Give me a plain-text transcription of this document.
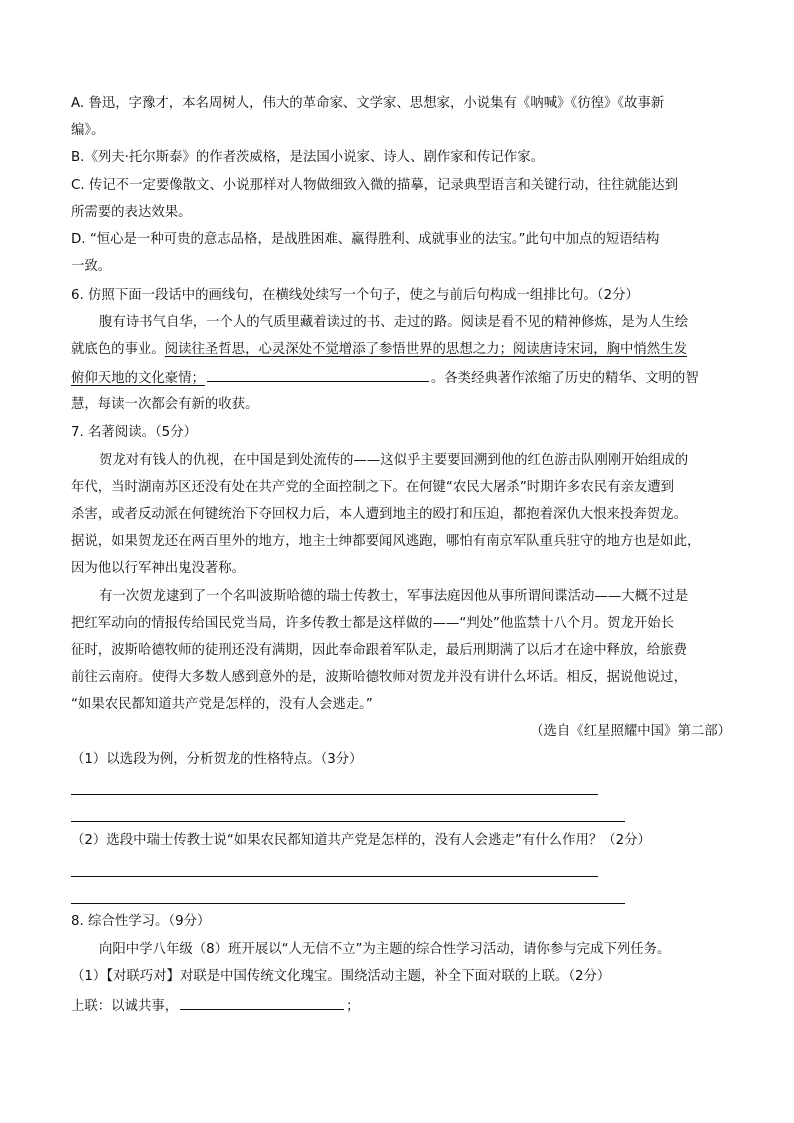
A. 鲁迅，字豫才，本名周树人，伟大的革命家、文学家、思想家，小说集有《呐喊》《彷徨》《故事新
编》。
B.《列夫·托尔斯泰》的作者茨威格，是法国小说家、诗人、剧作家和传记作家。
C. 传记不一定要像散文、小说那样对人物做细致入微的描摹，记录典型语言和关键行动，往往就能达到
所需要的表达效果。
D. “恒心是一种可贵的意志品格，是战胜困难、赢得胜利、成就事业的法宝。”此句中加点的短语结构
一致。
6. 仿照下面一段话中的画线句，在横线处续写一个句子，使之与前后句构成一组排比句。（2分）
腹有诗书气自华，一个人的气质里藏着读过的书、走过的路。阅读是看不见的精神修炼，是为人生绘
就底色的事业。阅读往圣哲思，心灵深处不觉增添了参悟世界的思想之力；阅读唐诗宋词，胸中悄然生发
俯仰天地的文化豪情；	。各类经典著作浓缩了历史的精华、文明的智
慧，每读一次都会有新的收获。
7. 名著阅读。（5分）
贺龙对有钱人的仇视，在中国是到处流传的——这似乎主要要回溯到他的红色游击队刚刚开始组成的
年代，当时湖南苏区还没有处在共产党的全面控制之下。在何键“农民大屠杀”时期许多农民有亲友遭到
杀害，或者反动派在何键统治下夺回权力后，本人遭到地主的殴打和压迫，都抱着深仇大恨来投奔贺龙。
据说，如果贺龙还在两百里外的地方，地主士绅都要闻风逃跑，哪怕有南京军队重兵驻守的地方也是如此，
因为他以行军神出鬼没著称。
有一次贺龙逮到了一个名叫波斯哈德的瑞士传教士，军事法庭因他从事所谓间谍活动——大概不过是
把红军动向的情报传给国民党当局，许多传教士都是这样做的——“判处”他监禁十八个月。贺龙开始长
征时，波斯哈德牧师的徒刑还没有满期，因此奉命跟着军队走，最后刑期满了以后才在途中释放，给旅费
前往云南府。使得大多数人感到意外的是，波斯哈德牧师对贺龙并没有讲什么坏话。相反，据说他说过，
“如果农民都知道共产党是怎样的，没有人会逃走。”
（选自《红星照耀中国》第二部）
（1）以选段为例，分析贺龙的性格特点。（3分）
（2）选段中瑞士传教士说“如果农民都知道共产党是怎样的，没有人会逃走”有什么作用？（2分）
8. 综合性学习。（9分）
向阳中学八年级（8）班开展以“人无信不立”为主题的综合性学习活动，请你参与完成下列任务。
（1）【对联巧对】对联是中国传统文化瑰宝。围绕活动主题，补全下面对联的上联。（2分）
上联：以诚共事，	；
